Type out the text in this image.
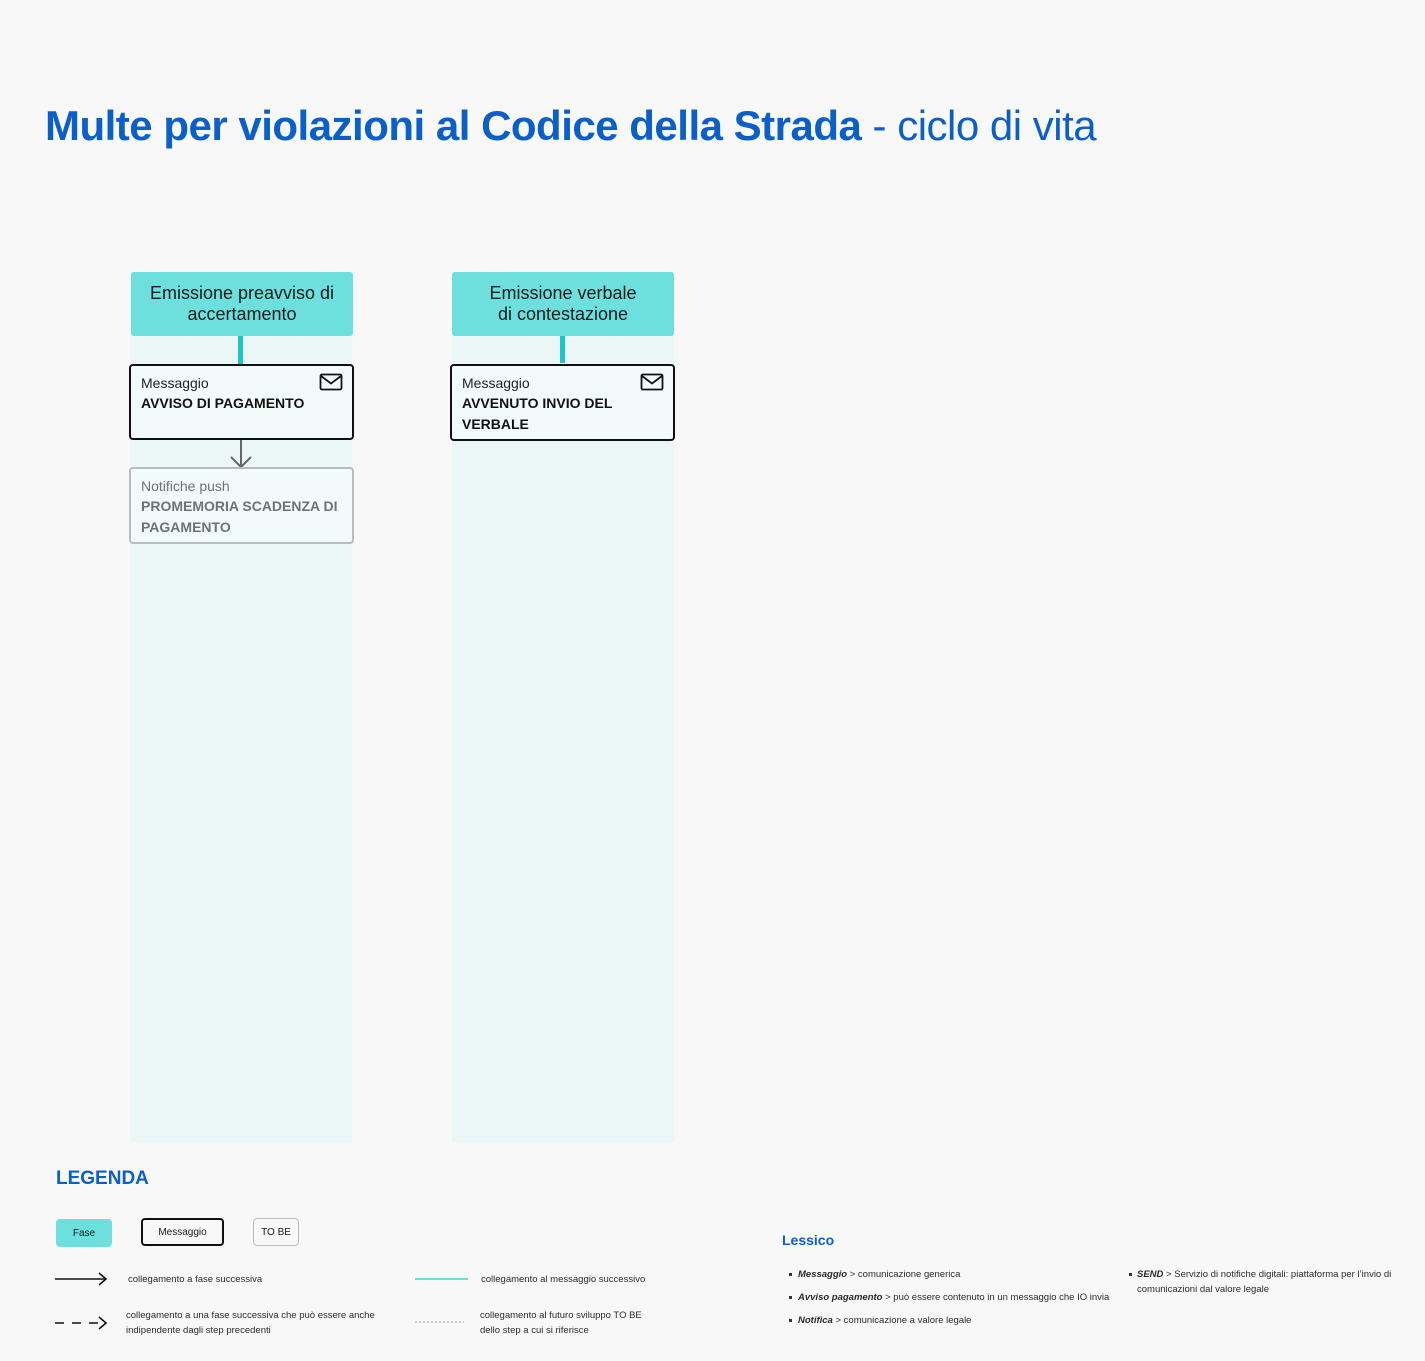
Multe per violazioni al Codice della Strada - ciclo di vita
Emissione preavviso di accertamento
Messaggio
AVVISO DI PAGAMENTO
Notifiche push
PROMEMORIA SCADENZA DI PAGAMENTO
Emissione verbale di contestazione
Messaggio
AVVENUTO INVIO DEL VERBALE
LEGENDA
Fase	Messaggio	TO BE
collegamento a fase successiva
collegamento a una fase successiva che può essere anche indipendente dagli step precedenti
collegamento al messaggio successivo
collegamento al futuro sviluppo TO BE dello step a cui si riferisce
Lessico
Messaggio > comunicazione generica
Avviso pagamento > può essere contenuto in un messaggio che IO invia
Notifica > comunicazione a valore legale
SEND > Servizio di notifiche digitali: piattaforma per l’invio di comunicazioni dal valore legale
